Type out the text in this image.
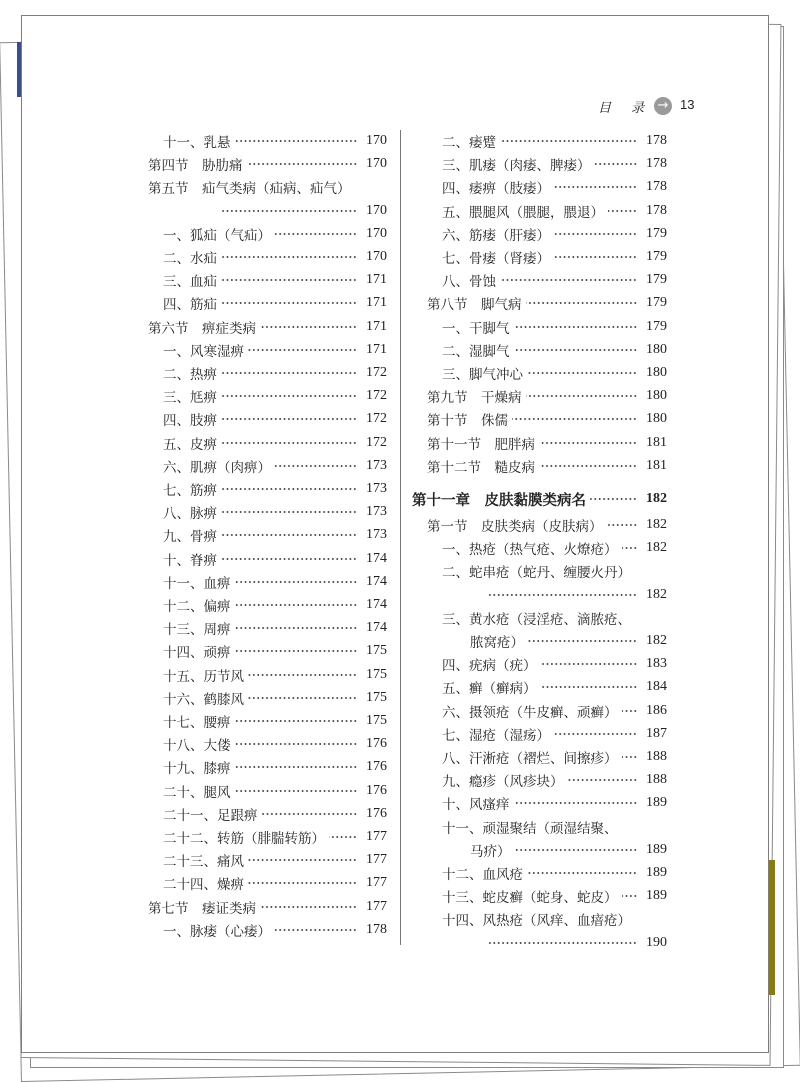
目 录 → 13
十一、乳悬	170
第四节　胁肋痛	170
第五节　疝气类病（疝病、疝气）
170
一、狐疝（气疝）	170
二、水疝	170
三、血疝	171
四、筋疝	171
第六节　痹症类病	171
一、风寒湿痹	171
二、热痹	172
三、尪痹	172
四、肢痹	172
五、皮痹	172
六、肌痹（肉痹）	173
七、筋痹	173
八、脉痹	173
九、骨痹	173
十、脊痹	174
十一、血痹	174
十二、偏痹	174
十三、周痹	174
十四、顽痹	175
十五、历节风	175
十六、鹤膝风	175
十七、腰痹	175
十八、大偻	176
十九、膝痹	176
二十、腿风	176
二十一、足跟痹	176
二十二、转筋（腓腨转筋）	177
二十三、痛风	177
二十四、燥痹	177
第七节　痿证类病	177
一、脉痿（心痿）	178
二、痿躄	178
三、肌痿（肉痿、脾痿）	178
四、痿痹（肢痿）	178
五、腲腿风（腲腿，腲退）	178
六、筋痿（肝痿）	179
七、骨痿（肾痿）	179
八、骨蚀	179
第八节　脚气病	179
一、干脚气	179
二、湿脚气	180
三、脚气冲心	180
第九节　干燥病	180
第十节　侏儒	180
第十一节　肥胖病	181
第十二节　糙皮病	181
第十一章　皮肤黏膜类病名	182
第一节　皮肤类病（皮肤病）	182
一、热疮（热气疮、火燎疮）	182
二、蛇串疮（蛇丹、缠腰火丹）
182
三、黄水疮（浸淫疮、滴脓疮、
脓窝疮）	182
四、疣病（疣）	183
五、癣（癣病）	184
六、摄领疮（牛皮癣、顽癣）	186
七、湿疮（湿疡）	187
八、汗淅疮（褶烂、间擦疹）	188
九、瘾疹（风疹块）	188
十、风瘙痒	189
十一、顽湿聚结（顽湿结聚、
马疥）	189
十二、血风疮	189
十三、蛇皮癣（蛇身、蛇皮）	189
十四、风热疮（风痒、血瘖疮）
190
